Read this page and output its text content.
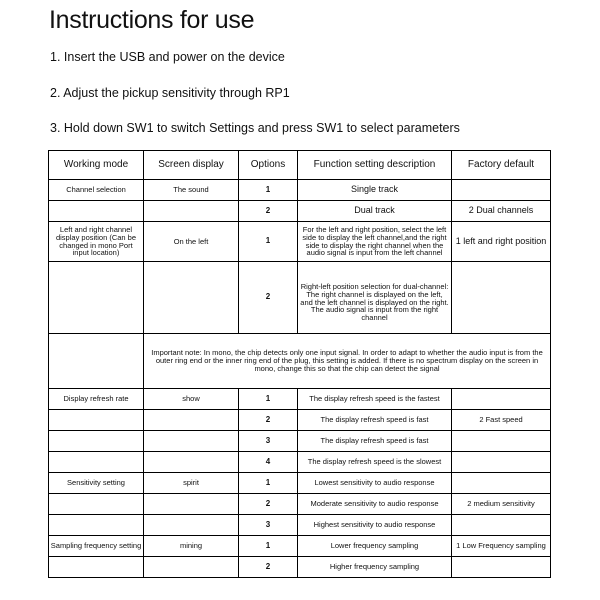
Instructions for use
1. Insert the USB and power on the device
2. Adjust the pickup sensitivity through RP1
3. Hold down SW1 to switch Settings and press SW1 to select parameters
Working mode	Screen display	Options	Function setting description	Factory default
Channel selection	The sound	1	Single track	
		2	Dual track	2 Dual channels
Left and right channel display position (Can be changed in mono Port input location)	On the left	1	For the left and right position, select the left side to display the left channel,and the right side to display the right channel when the audio signal is input from the left channel	1 left and right position
		2	Right-left position selection for dual-channel: The right channel is displayed on the left, and the left channel is displayed on the right. The audio signal is input from the right channel	
	Important note: In mono, the chip detects only one input signal. In order to adapt to whether the audio input is from the outer ring end or the inner ring end of the plug, this setting is added. If there is no spectrum display on the screen in mono, change this so that the chip can detect the signal			
Display refresh rate	show	1	The display refresh speed is the fastest	
		2	The display refresh speed is fast	2 Fast speed
		3	The display refresh speed is fast	
		4	The display refresh speed is the slowest	
Sensitivity setting	spirit	1	Lowest sensitivity to audio response	
		2	Moderate sensitivity to audio response	2 medium sensitivity
		3	Highest sensitivity to audio response	
Sampling frequency setting	mining	1	Lower frequency sampling	1 Low Frequency sampling
		2	Higher frequency sampling	
